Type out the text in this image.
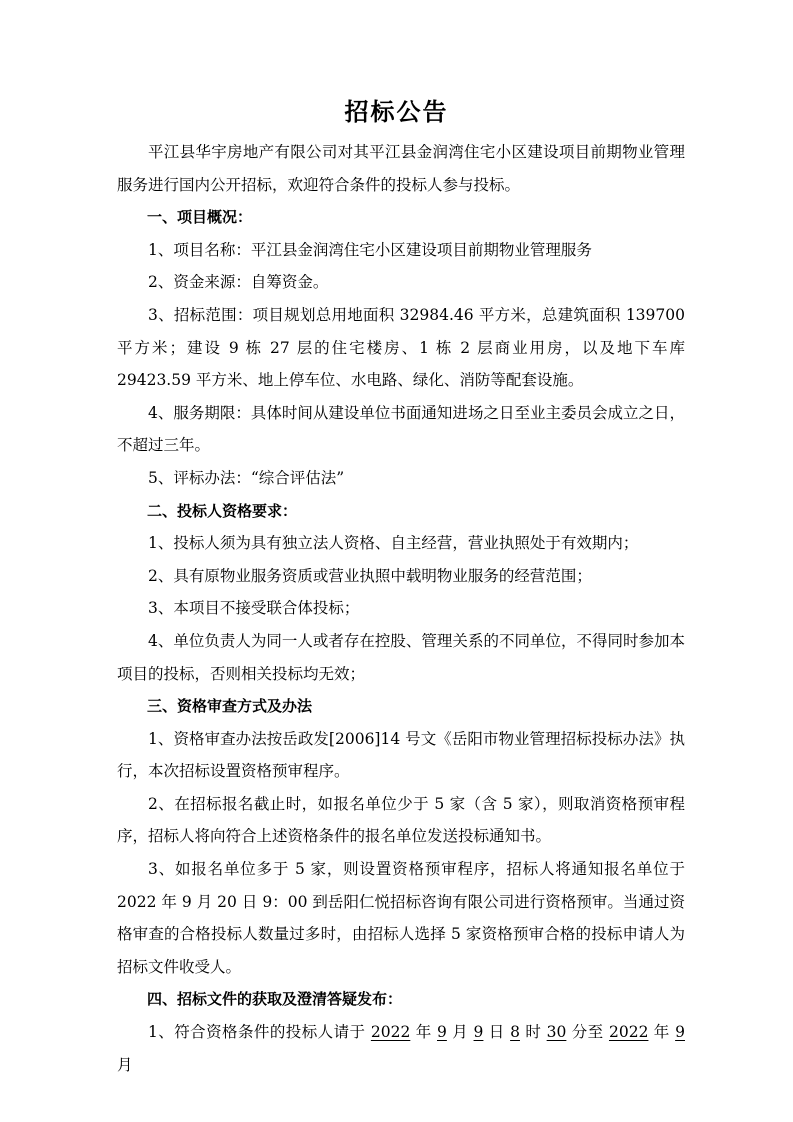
招标公告

平江县华宇房地产有限公司对其平江县金润湾住宅小区建设项目前期物业管理服务进行国内公开招标，欢迎符合条件的投标人参与投标。

一、项目概况：

1、项目名称：平江县金润湾住宅小区建设项目前期物业管理服务

2、资金来源：自筹资金。

3、招标范围：项目规划总用地面积 32984.46 平方米，总建筑面积 139700 平方米；建设 9 栋 27 层的住宅楼房、1 栋 2 层商业用房，以及地下车库 29423.59 平方米、地上停车位、水电路、绿化、消防等配套设施。

4、服务期限：具体时间从建设单位书面通知进场之日至业主委员会成立之日，不超过三年。

5、评标办法：“综合评估法”

二、投标人资格要求：

1、投标人须为具有独立法人资格、自主经营，营业执照处于有效期内；

2、具有原物业服务资质或营业执照中载明物业服务的经营范围；

3、本项目不接受联合体投标；

4、单位负责人为同一人或者存在控股、管理关系的不同单位，不得同时参加本项目的投标，否则相关投标均无效；

三、资格审查方式及办法

1、资格审查办法按岳政发[2006]14 号文《岳阳市物业管理招标投标办法》执行，本次招标设置资格预审程序。

2、在招标报名截止时，如报名单位少于 5 家（含 5 家），则取消资格预审程序，招标人将向符合上述资格条件的报名单位发送投标通知书。

3、如报名单位多于 5 家，则设置资格预审程序，招标人将通知报名单位于 2022 年 9 月 20 日 9：00 到岳阳仁悦招标咨询有限公司进行资格预审。当通过资格审查的合格投标人数量过多时，由招标人选择 5 家资格预审合格的投标申请人为招标文件收受人。

四、招标文件的获取及澄清答疑发布：

1、符合资格条件的投标人请于 2022 年 9 月 9 日 8 时 30 分至 2022 年 9 月
